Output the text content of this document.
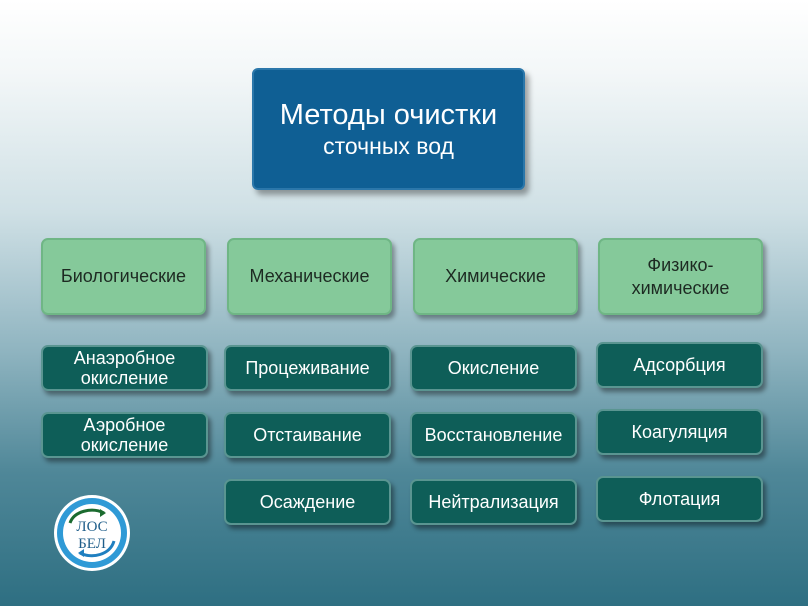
Методы очистки
сточных вод
Биологические	Механические	Химические
Физико-химические
Анаэробное окисление
Аэробное окисление
Процеживание
Отстаивание
Осаждение
Окисление
Восстановление
Нейтрализация
Адсорбция
Коагуляция
Флотация
ЛОС
БЕЛ
